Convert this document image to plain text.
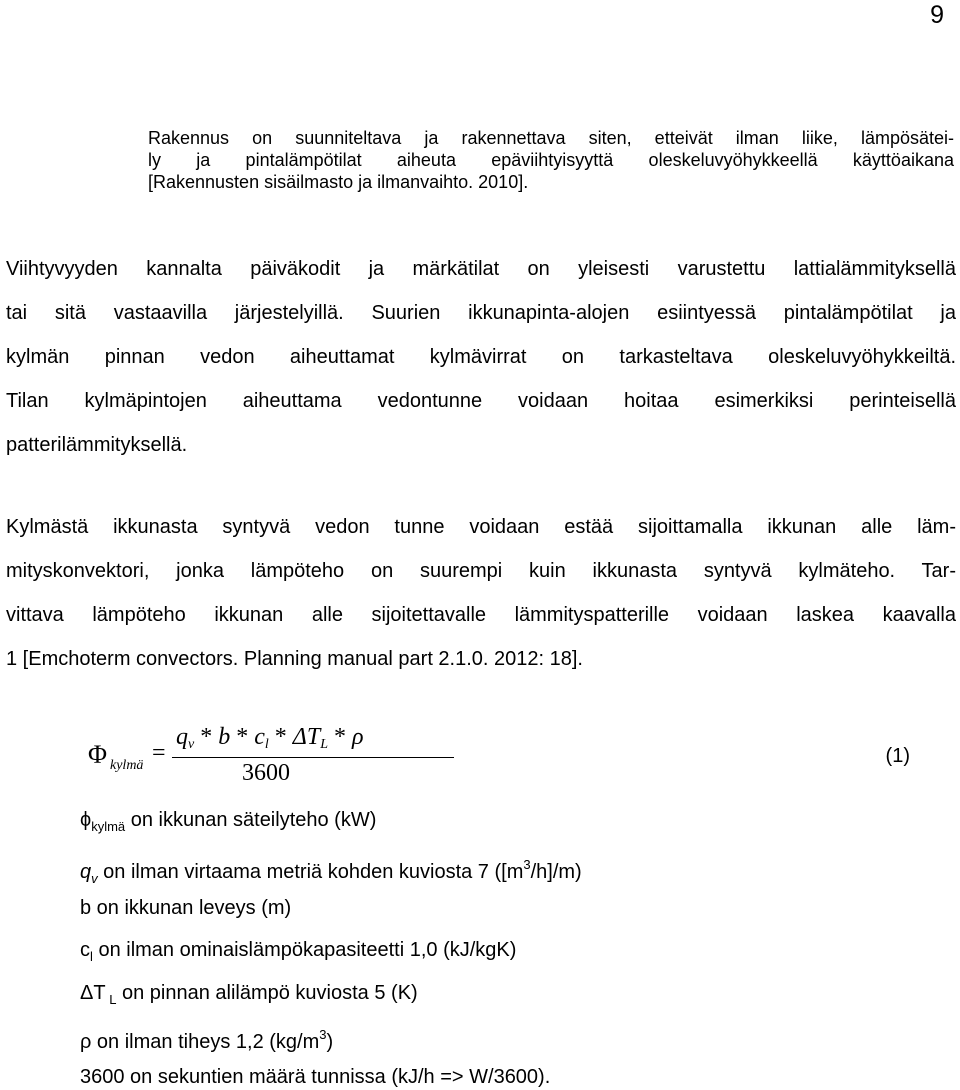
9
Rakennus on suunniteltava ja rakennettava siten, etteivät ilman liike, lämpösätei-
ly ja pintalämpötilat aiheuta epäviihtyisyyttä oleskeluvyöhykkeellä käyttöaikana
[Rakennusten sisäilmasto ja ilmanvaihto. 2010].
Viihtyvyyden kannalta päiväkodit ja märkätilat on yleisesti varustettu lattialämmityksellä
tai sitä vastaavilla järjestelyillä. Suurien ikkunapinta-alojen esiintyessä pintalämpötilat ja
kylmän pinnan vedon aiheuttamat kylmävirrat on tarkasteltava oleskeluvyöhykkeiltä.
Tilan kylmäpintojen aiheuttama vedontunne voidaan hoitaa esimerkiksi perinteisellä
patterilämmityksellä.
Kylmästä ikkunasta syntyvä vedon tunne voidaan estää sijoittamalla ikkunan alle läm-
mityskonvektori, jonka lämpöteho on suurempi kuin ikkunasta syntyvä kylmäteho. Tar-
vittava lämpöteho ikkunan alle sijoitettavalle lämmityspatterille voidaan laskea kaavalla
1 [Emchoterm convectors. Planning manual part 2.1.0. 2012: 18].
Φ kylmä =
$q_v$ * b * $c_l * \Delta T_L$ * ρ
3600
(1)
$\phi_{kylmä}$ on ikkunan säteilyteho (kW)
$q_v$ on ilman virtaama metriä kohden kuviosta 7 $([m^3/h]/m)$
b on ikkunan leveys (m)
$c_l$ on ilman ominaislämpökapasiteetti 1,0 (kJ/kgK)
ΔT $_L$ on pinnan alilämpö kuviosta 5 (K)
ρ on ilman tiheys 1,2 $(kg/m^3)$
3600 on sekuntien määrä tunnissa (kJ/h => W/3600).
